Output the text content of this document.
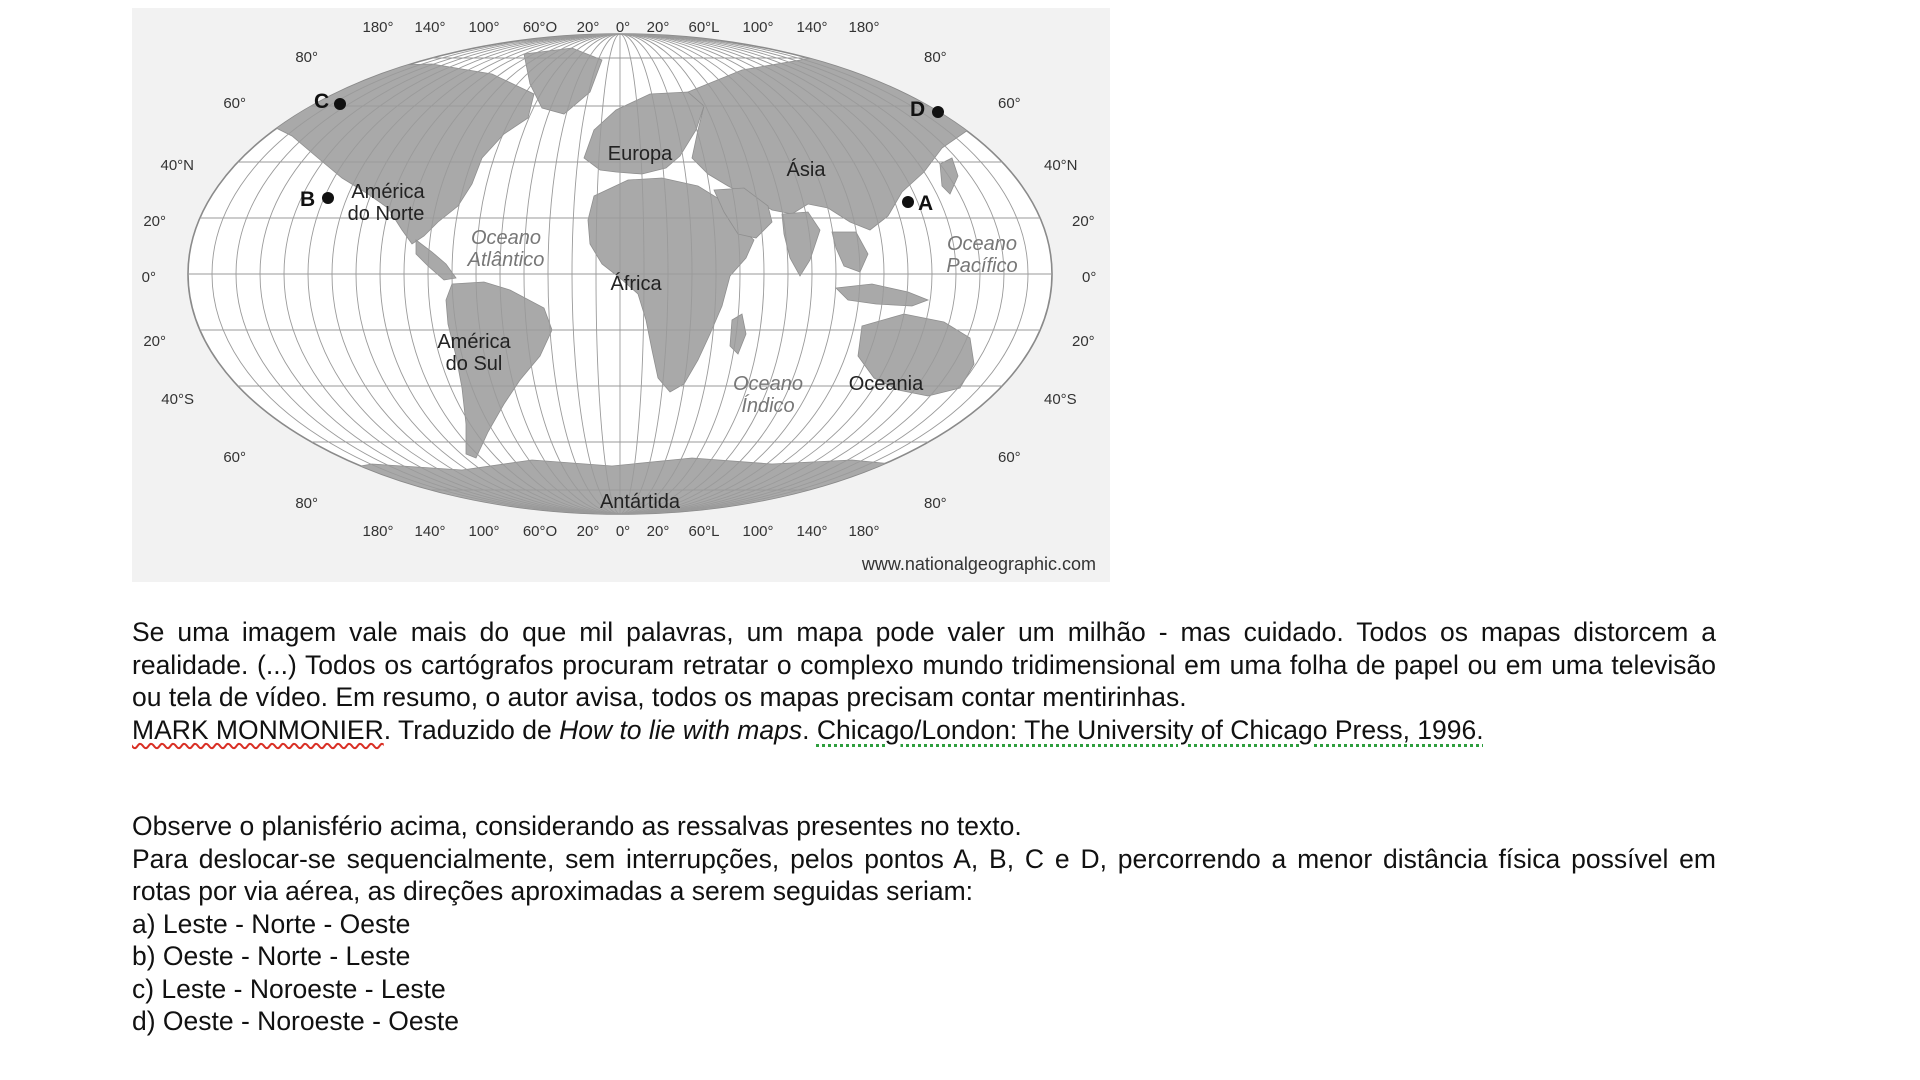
180° 140° 100° 60°O 20° 0° 20° 60°L 100° 140° 180°
180° 140° 100° 60°O 20° 0° 20° 60°L 100° 140° 180°
80°
60°
40°N
20°
0°
20°
40°S
60°
80°
80°
60°
40°N
20°
0°
20°
40°S
60°
80°
Europa
Ásia
América
do Norte
África
América
do Sul
Oceania
Antártida
Oceano
Atlântico
Oceano
Pacífico
Oceano
Índico
A
B
C	D
www.nationalgeographic.com

Se uma imagem vale mais do que mil palavras, um mapa pode valer um milhão - mas cuidado. Todos os mapas distorcem a realidade. (...) Todos os cartógrafos procuram retratar o complexo mundo tridimensional em uma folha de papel ou em uma televisão ou tela de vídeo. Em resumo, o autor avisa, todos os mapas precisam contar mentirinhas.

MARK MONMONIER. Traduzido de How to lie with maps. Chicago/London: The University of Chicago Press, 1996.

Observe o planisfério acima, considerando as ressalvas presentes no texto.

Para deslocar-se sequencialmente, sem interrupções, pelos pontos A, B, C e D, percorrendo a menor distância física possível em rotas por via aérea, as direções aproximadas a serem seguidas seriam:

a) Leste - Norte - Oeste

b) Oeste - Norte - Leste

c) Leste - Noroeste - Leste

d) Oeste - Noroeste - Oeste
